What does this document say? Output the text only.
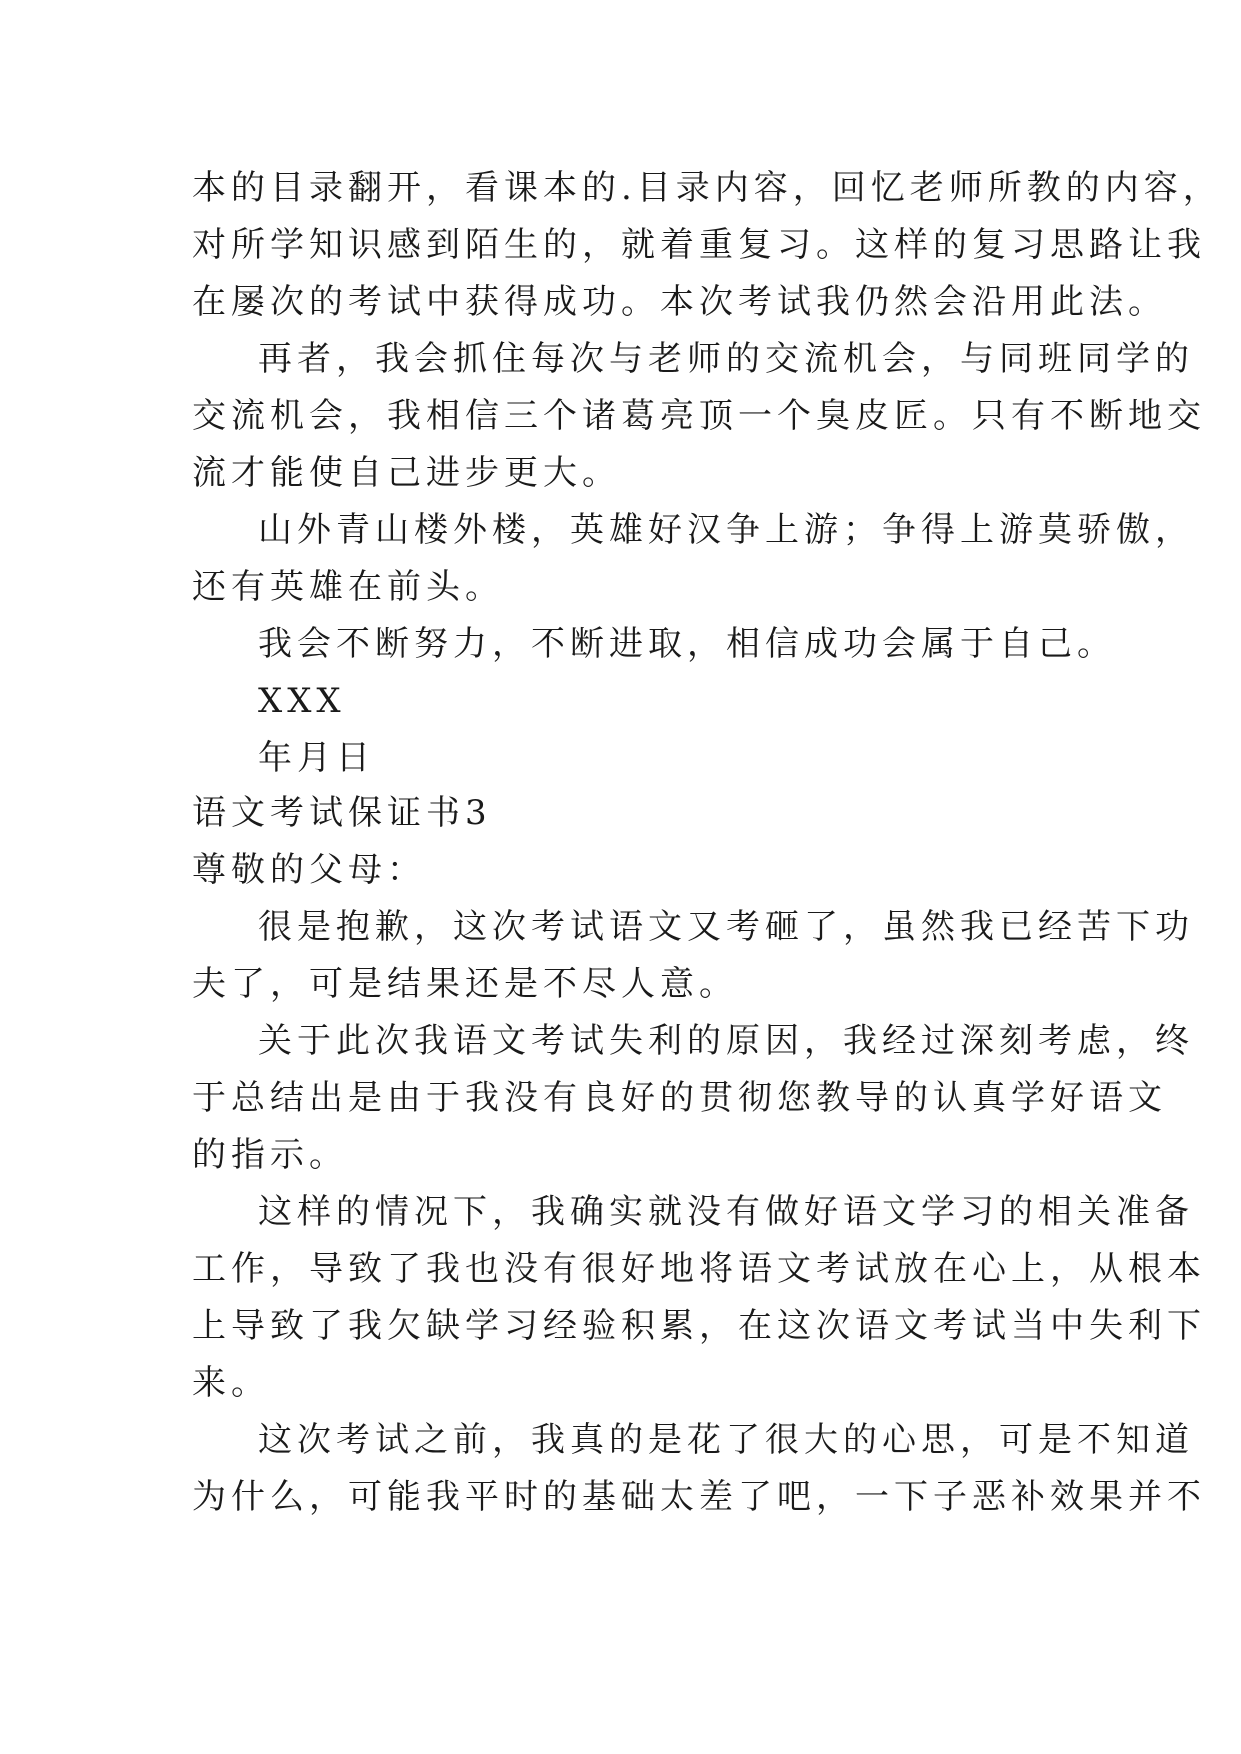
本的目录翻开，看课本的.目录内容，回忆老师所教的内容，
对所学知识感到陌生的，就着重复习。这样的复习思路让我
在屡次的考试中获得成功。本次考试我仍然会沿用此法。
再者，我会抓住每次与老师的交流机会，与同班同学的
交流机会，我相信三个诸葛亮顶一个臭皮匠。只有不断地交
流才能使自己进步更大。
山外青山楼外楼，英雄好汉争上游；争得上游莫骄傲，
还有英雄在前头。
我会不断努力，不断进取，相信成功会属于自己。
XXX
年月日
语文考试保证书3
尊敬的父母：
很是抱歉，这次考试语文又考砸了，虽然我已经苦下功
夫了，可是结果还是不尽人意。
关于此次我语文考试失利的原因，我经过深刻考虑，终
于总结出是由于我没有良好的贯彻您教导的认真学好语文
的指示。
这样的情况下，我确实就没有做好语文学习的相关准备
工作，导致了我也没有很好地将语文考试放在心上，从根本
上导致了我欠缺学习经验积累，在这次语文考试当中失利下
来。
这次考试之前，我真的是花了很大的心思，可是不知道
为什么，可能我平时的基础太差了吧，一下子恶补效果并不
